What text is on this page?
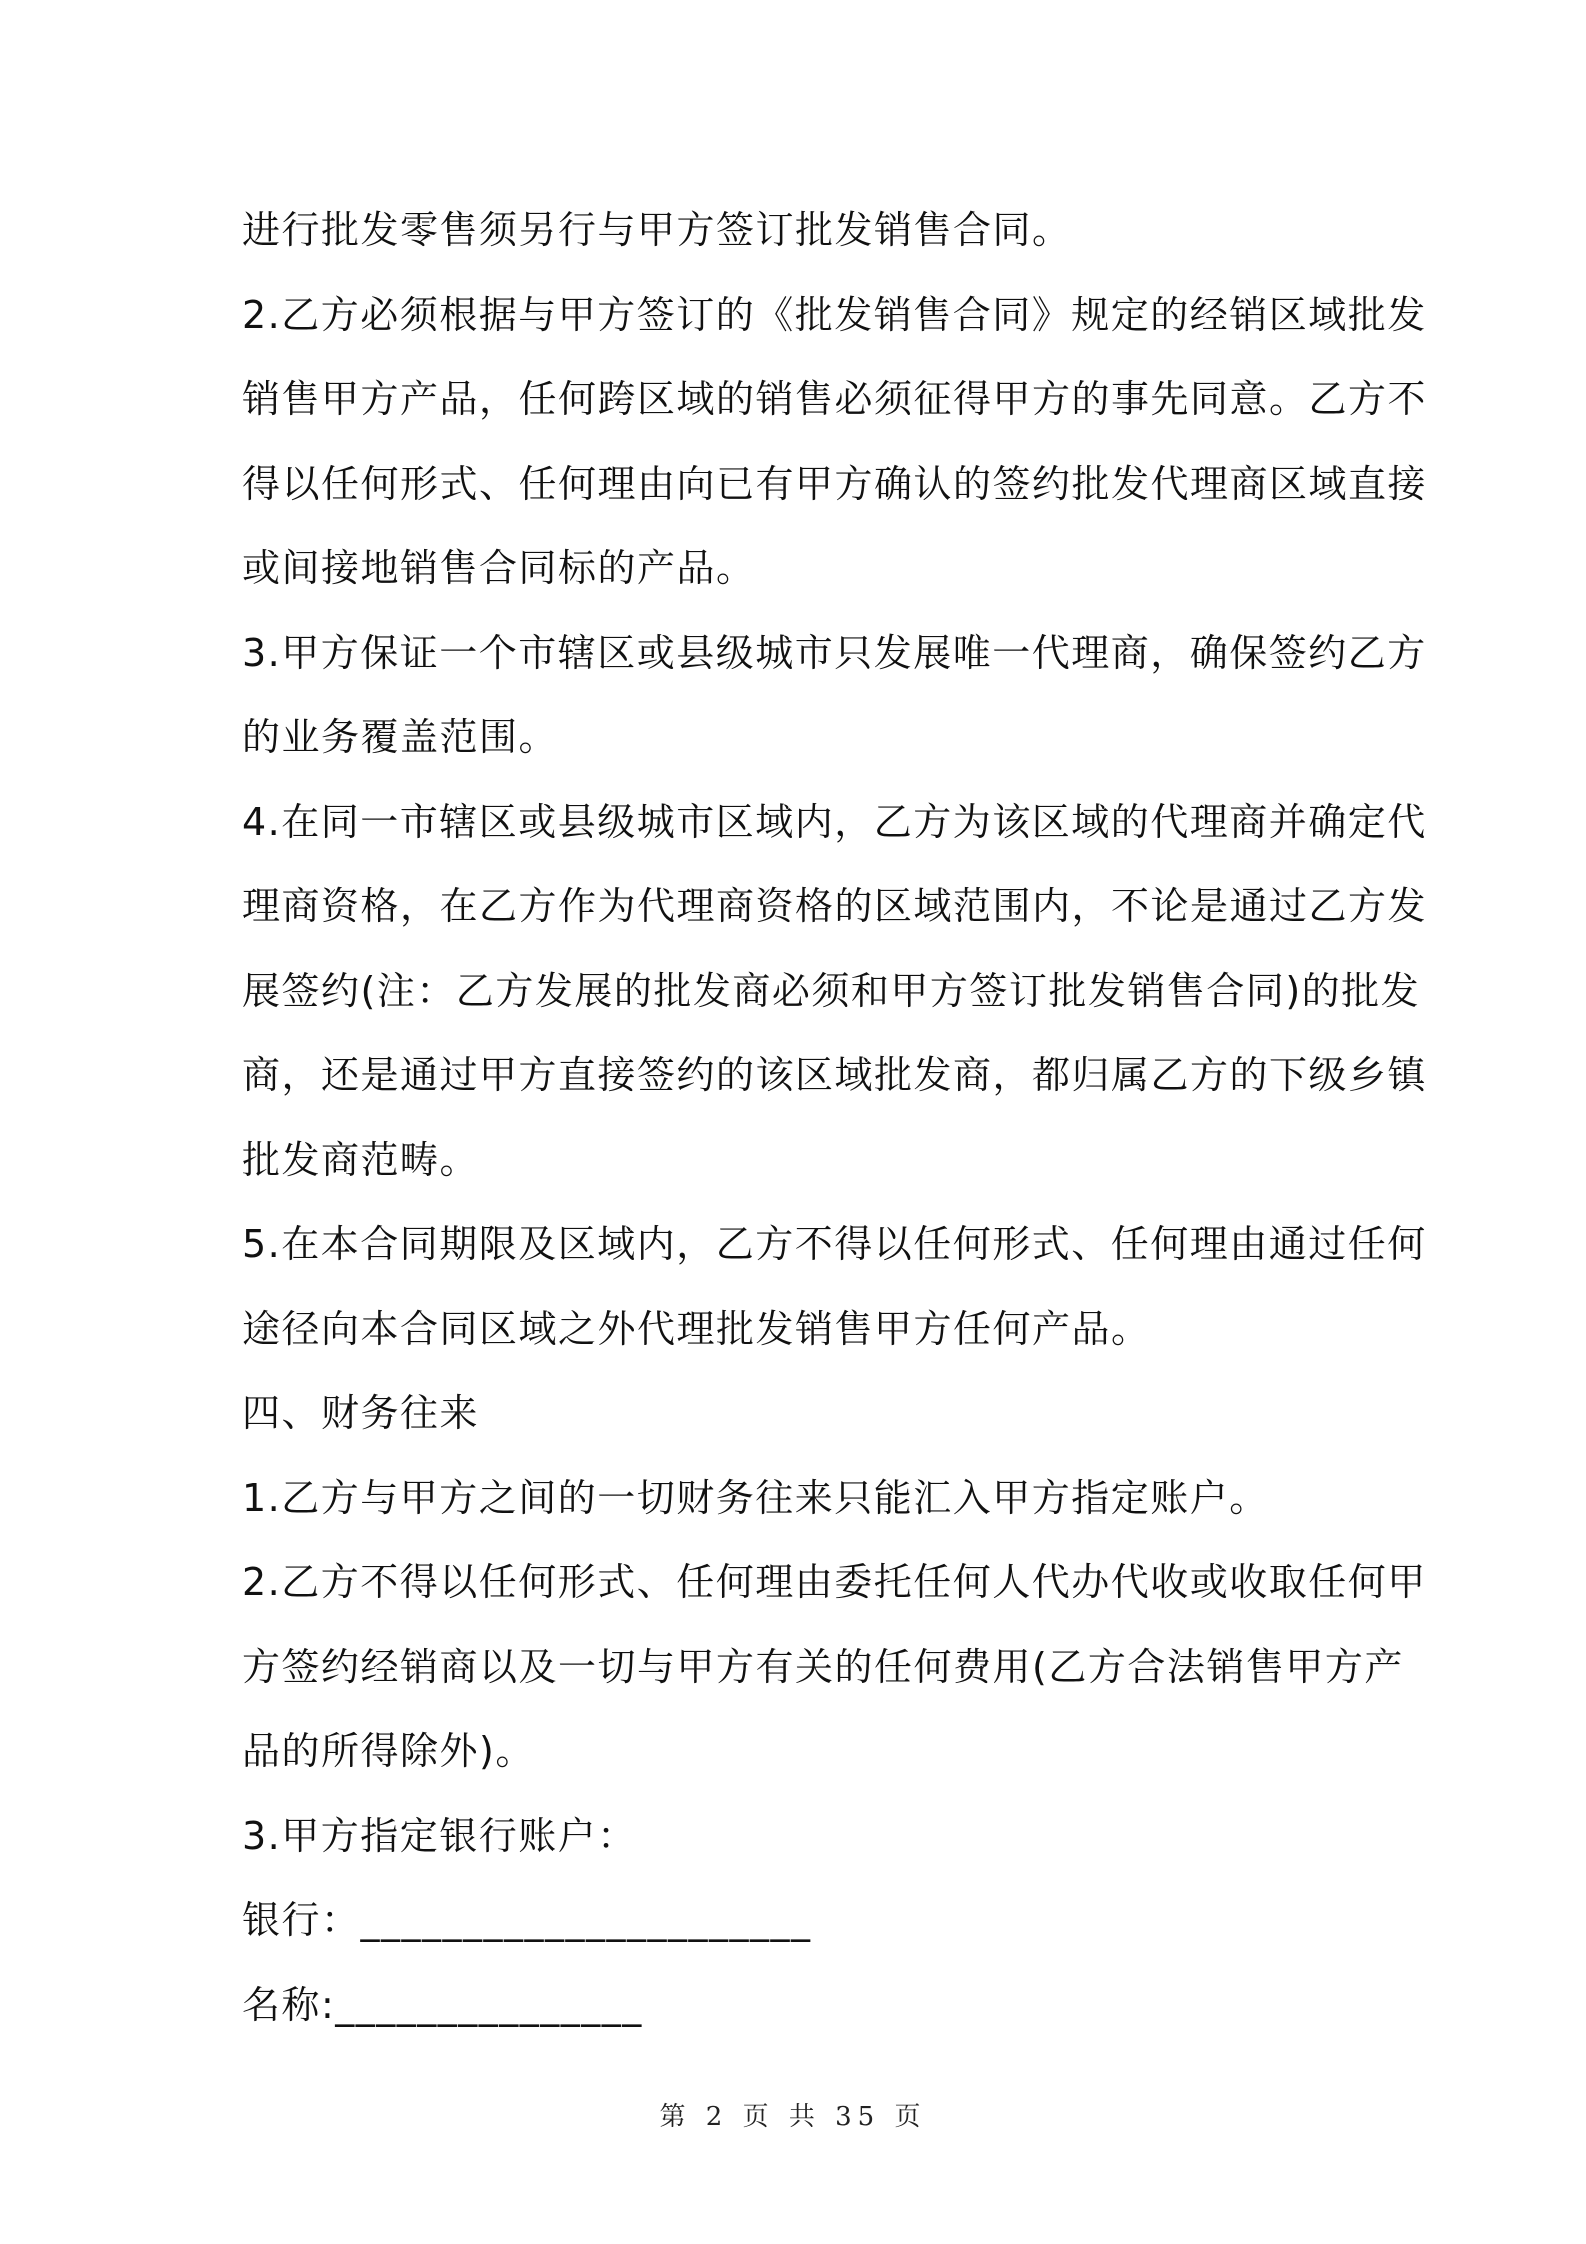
进行批发零售须另行与甲方签订批发销售合同。
2.乙方必须根据与甲方签订的《批发销售合同》规定的经销区域批发
销售甲方产品，任何跨区域的销售必须征得甲方的事先同意。乙方不
得以任何形式、任何理由向已有甲方确认的签约批发代理商区域直接
或间接地销售合同标的产品。
3.甲方保证一个市辖区或县级城市只发展唯一代理商，确保签约乙方
的业务覆盖范围。
4.在同一市辖区或县级城市区域内，乙方为该区域的代理商并确定代
理商资格，在乙方作为代理商资格的区域范围内，不论是通过乙方发
展签约(注：乙方发展的批发商必须和甲方签订批发销售合同)的批发
商，还是通过甲方直接签约的该区域批发商，都归属乙方的下级乡镇
批发商范畴。
5.在本合同期限及区域内，乙方不得以任何形式、任何理由通过任何
途径向本合同区域之外代理批发销售甲方任何产品。
四、财务往来
1.乙方与甲方之间的一切财务往来只能汇入甲方指定账户。
2.乙方不得以任何形式、任何理由委托任何人代办代收或收取任何甲
方签约经销商以及一切与甲方有关的任何费用(乙方合法销售甲方产
品的所得除外)。
3.甲方指定银行账户：
银行：______________________
名称:_______________
第 2 页 共 35 页
